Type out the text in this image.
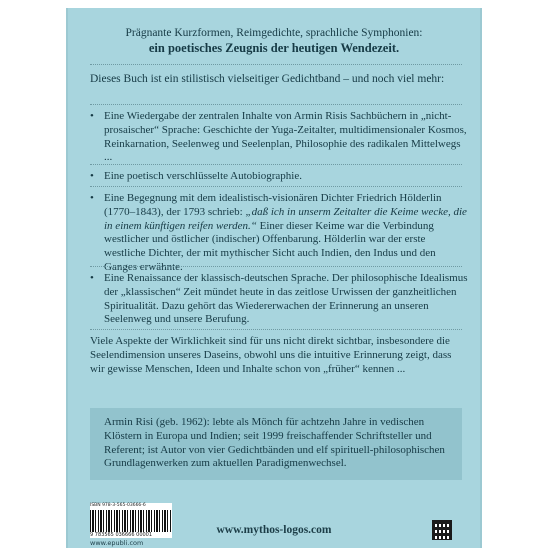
Prägnante Kurzformen, Reimgedichte, sprachliche Symphonien:
ein poetisches Zeugnis der heutigen Wendezeit.
Dieses Buch ist ein stilistisch vielseitiger Gedichtband – und noch viel mehr:
• Eine Wiedergabe der zentralen Inhalte von Armin Risis Sachbüchern in „nicht-prosaischer“ Sprache: Geschichte der Yuga-Zeitalter, multidimensionaler Kosmos, Reinkarnation, Seelenweg und Seelenplan, Philosophie des radikalen Mittelwegs ...
• Eine poetisch verschlüsselte Autobiographie.
• Eine Begegnung mit dem idealistisch-visionären Dichter Friedrich Hölderlin (1770–1843), der 1793 schrieb: „daß ich in unserm Zeitalter die Keime wecke, die in einem künftigen reifen werden.“ Einer dieser Keime war die Verbindung westlicher und östlicher (indischer) Offenbarung. Hölderlin war der erste westliche Dichter, der mit mythischer Sicht auch Indien, den Indus und den Ganges erwähnte.
• Eine Renaissance der klassisch-deutschen Sprache. Der philosophische Idealismus der „klassischen“ Zeit mündet heute in das zeitlose Urwissen der ganzheitlichen Spiritualität. Dazu gehört das Wiedererwachen der Erinnerung an unseren Seelenweg und unsere Berufung.
Viele Aspekte der Wirklichkeit sind für uns nicht direkt sichtbar, insbesondere die Seelendimension unseres Daseins, obwohl uns die intuitive Erinnerung zeigt, dass wir gewisse Menschen, Ideen und Inhalte schon von „früher“ kennen ...
Armin Risi (geb. 1962): lebte als Mönch für achtzehn Jahre in vedischen Klöstern in Europa und Indien; seit 1999 freischaffender Schriftsteller und Referent; ist Autor von vier Gedichtbänden und elf spirituell-philosophischen Grundlagenwerken zum aktuellen Paradigmenwechsel.
ISBN 978-3-565-03666-6
9 783565 036666 00001
www.epubli.com
www.mythos-logos.com
